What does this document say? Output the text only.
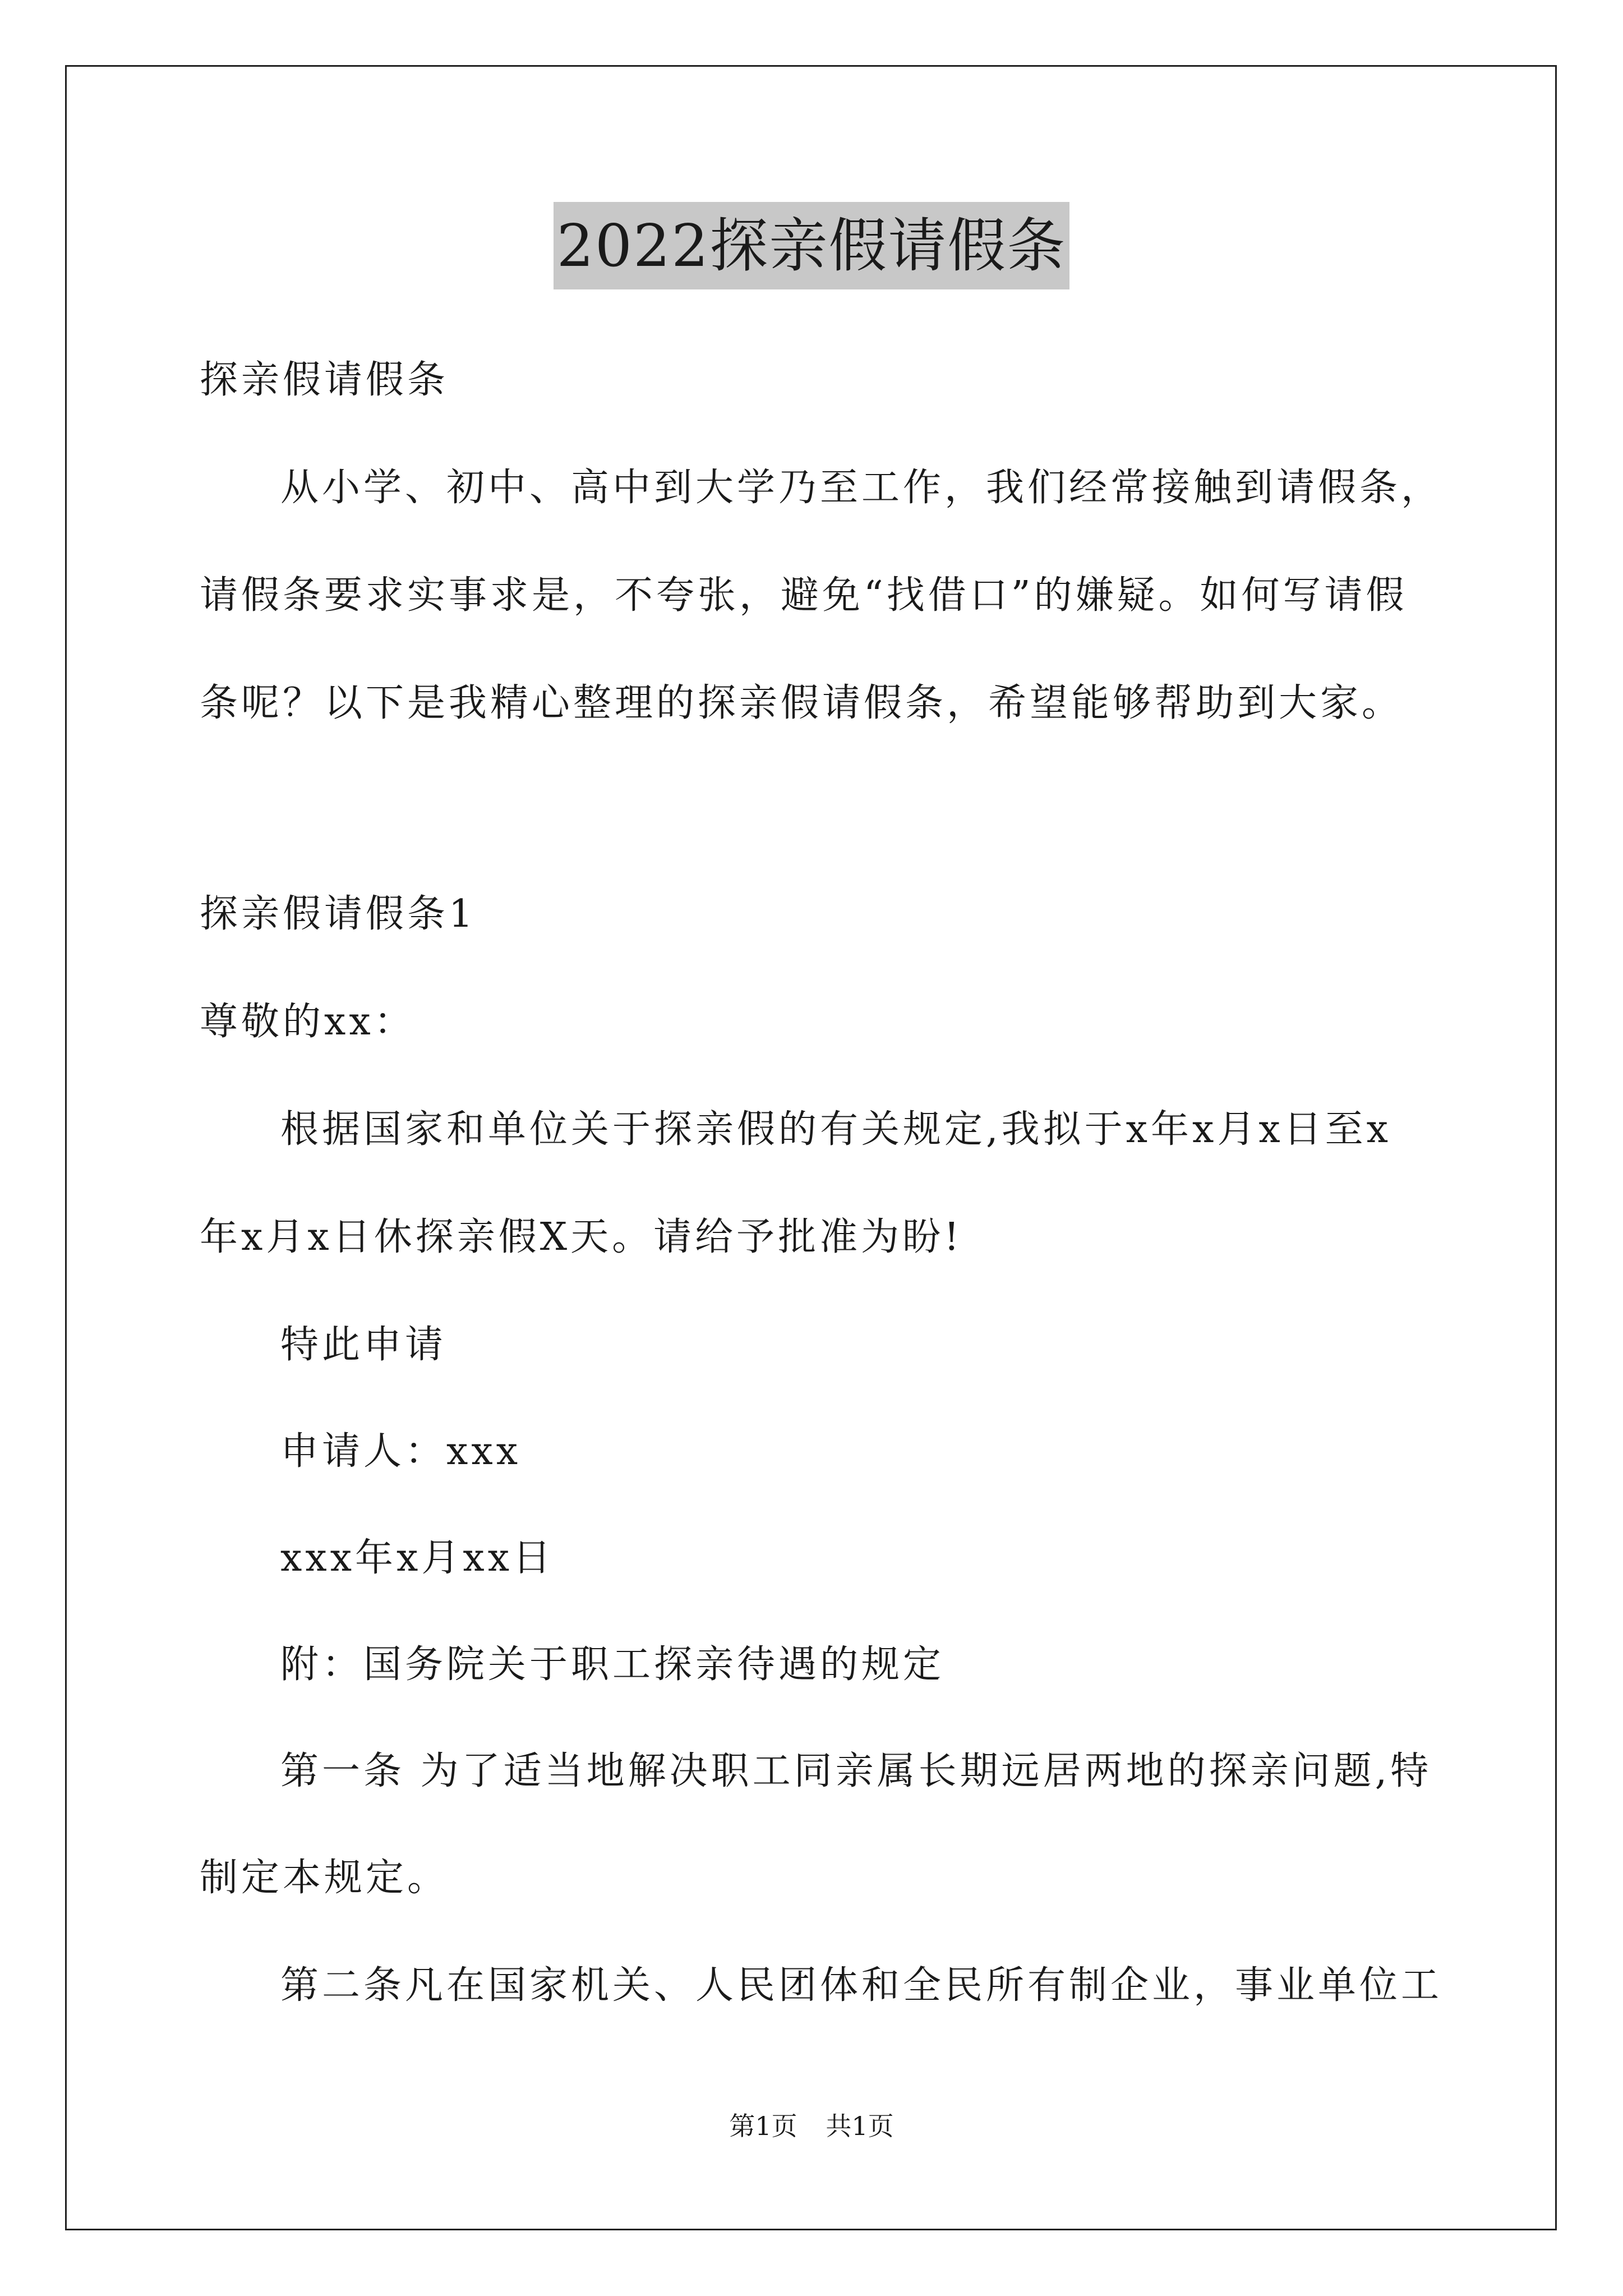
2022探亲假请假条
探亲假请假条
从小学、初中、高中到大学乃至工作，我们经常接触到请假条，
请假条要求实事求是，不夸张，避免“找借口”的嫌疑。如何写请假
条呢？以下是我精心整理的探亲假请假条，希望能够帮助到大家。
探亲假请假条1
尊敬的xx：
根据国家和单位关于探亲假的有关规定,我拟于x年x月x日至x
年x月x日休探亲假X天。请给予批准为盼!
特此申请
申请人：xxx
xxx年x月xx日
附：国务院关于职工探亲待遇的规定
第一条 为了适当地解决职工同亲属长期远居两地的探亲问题,特
制定本规定。
第二条凡在国家机关、人民团体和全民所有制企业，事业单位工
第1页 共1页
